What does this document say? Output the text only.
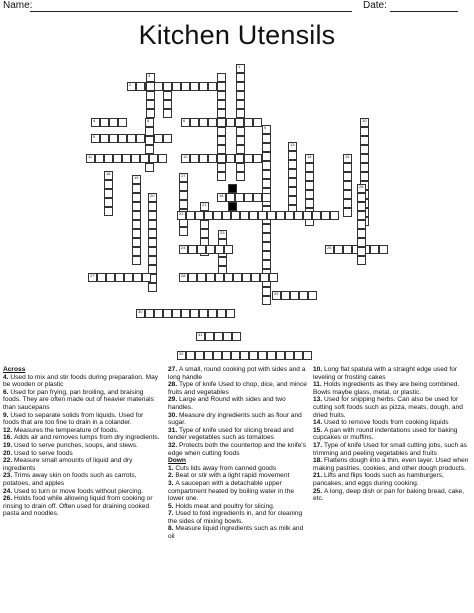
Name:	Date:
Kitchen Utensils
1
2
3
4
5
6
8
9
10
11	12
13
14	15
16	17
18
19
20
21
22
23
24	25
26
27	28
29
30
31
32

Across

4. Used to mix and stir foods during preparation. May be wooden or plastic

6. Used for pan frying, pan broiling, and braising foods. They are often made out of heavier materials than saucepans

9. Used to separate solids from liquids. Used for foods that are too fine to drain in a colander.

12. Measures the temperature of foods.

16. Adds air and removes lumps from dry ingredients.

19. Used to serve punches, soups, and stews.

20. Used to serve foods

22. Measure small amounts of liquid and dry ingredients

23. Trims away skin on foods such as carrots, potatoes, and apples

24. Used to turn or move foods without piercing.

26. Holds food while allowing liquid from cooking or rinsing to drain off. Often used for draining cooked pasta and noodles.

27. A small, round cooking pot with sides and a long handle

28. Type of knife Used to chop, dice, and mince fruits and vegetables

29. Large and Round with sides and two handles.

30. Measure dry ingredients such as flour and sugar.

31. Type of knife used for slicing bread and tender vegetables such as tomatoes

32. Protects both the countertop and the knife's edge when cutting foods

Down

1. Cuts lids away from canned goods

2. Beat or stir with a light rapid movement

3. A saucepan with a detachable upper compartment heated by boiling water in the lower one.

5. Holds meat and poultry for slicing.

7. Used to fold ingredients in, and for cleaning the sides of mixing bowls.

8. Measure liquid ingredients such as milk and oil

10. Long flat spatula with a straight edge used for leveling or frosting cakes

11. Holds ingredients as they are being combined. Bowls maybe glass, metal, or plastic.

13. Used for snipping herbs. Can also be used for cutting soft foods such as pizza, meats, dough, and dried fruits.

14. Used to remove foods from cooking liquids

15. A pan with round indentations used for baking cupcakes or muffins.

17. Type of knife Used for small cutting jobs, such as trimming and peeling vegetables and fruits

18. Flattens dough into a thin, even layer. Used when making pastries, cookies, and other dough products.

21. Lifts and flips foods such as hamburgers, pancakes, and eggs during cooking.

25. A long, deep dish or pan for baking bread, cake, etc.
